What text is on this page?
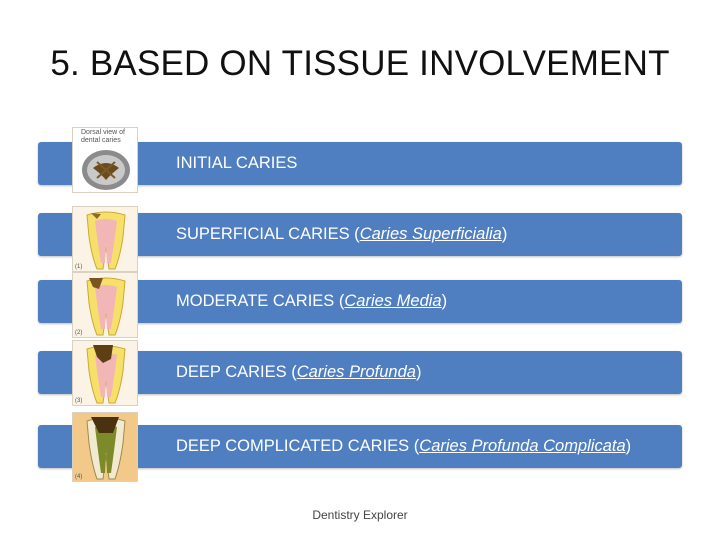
5. BASED ON TISSUE INVOLVEMENT
INITIAL CARIES
SUPERFICIAL CARIES (Caries Superficialia)
MODERATE CARIES (Caries Media)
DEEP CARIES (Caries Profunda)
DEEP COMPLICATED CARIES (Caries Profunda Complicata)
Dorsal view of dental caries
(1)
(2)
(3)
(4)
Dentistry Explorer
